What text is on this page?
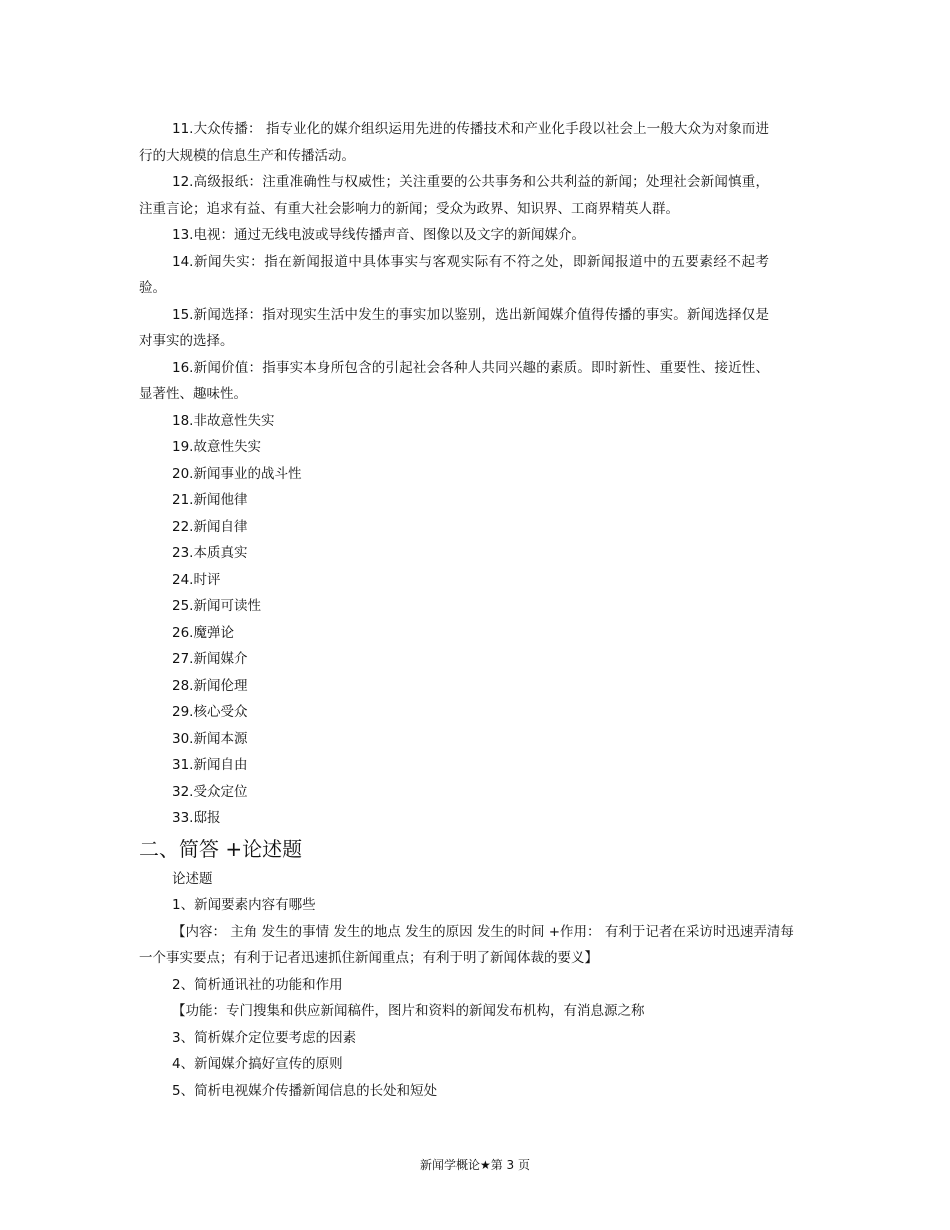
11.大众传播： 指专业化的媒介组织运用先进的传播技术和产业化手段以社会上一般大众为对象而进行的大规模的信息生产和传播活动。

12.高级报纸：注重准确性与权威性；关注重要的公共事务和公共利益的新闻；处理社会新闻慎重，注重言论；追求有益、有重大社会影响力的新闻；受众为政界、知识界、工商界精英人群。

13.电视：通过无线电波或导线传播声音、图像以及文字的新闻媒介。

14.新闻失实：指在新闻报道中具体事实与客观实际有不符之处，即新闻报道中的五要素经不起考验。

15.新闻选择：指对现实生活中发生的事实加以鉴别，选出新闻媒介值得传播的事实。新闻选择仅是对事实的选择。

16.新闻价值：指事实本身所包含的引起社会各种人共同兴趣的素质。即时新性、重要性、接近性、显著性、趣味性。

18.非故意性失实

19.故意性失实

20.新闻事业的战斗性

21.新闻他律

22.新闻自律

23.本质真实

24.时评

25.新闻可读性

26.魔弹论

27.新闻媒介

28.新闻伦理

29.核心受众

30.新闻本源

31.新闻自由

32.受众定位

33.邸报

二、简答 +论述题

论述题

1、新闻要素内容有哪些

【内容： 主角 发生的事情 发生的地点 发生的原因 发生的时间 +作用： 有利于记者在采访时迅速弄清每一个事实要点；有利于记者迅速抓住新闻重点；有利于明了新闻体裁的要义】

2、简析通讯社的功能和作用

【功能：专门搜集和供应新闻稿件，图片和资料的新闻发布机构，有消息源之称

3、简析媒介定位要考虑的因素

4、新闻媒介搞好宣传的原则

5、简析电视媒介传播新闻信息的长处和短处

新闻学概论★第 3 页
